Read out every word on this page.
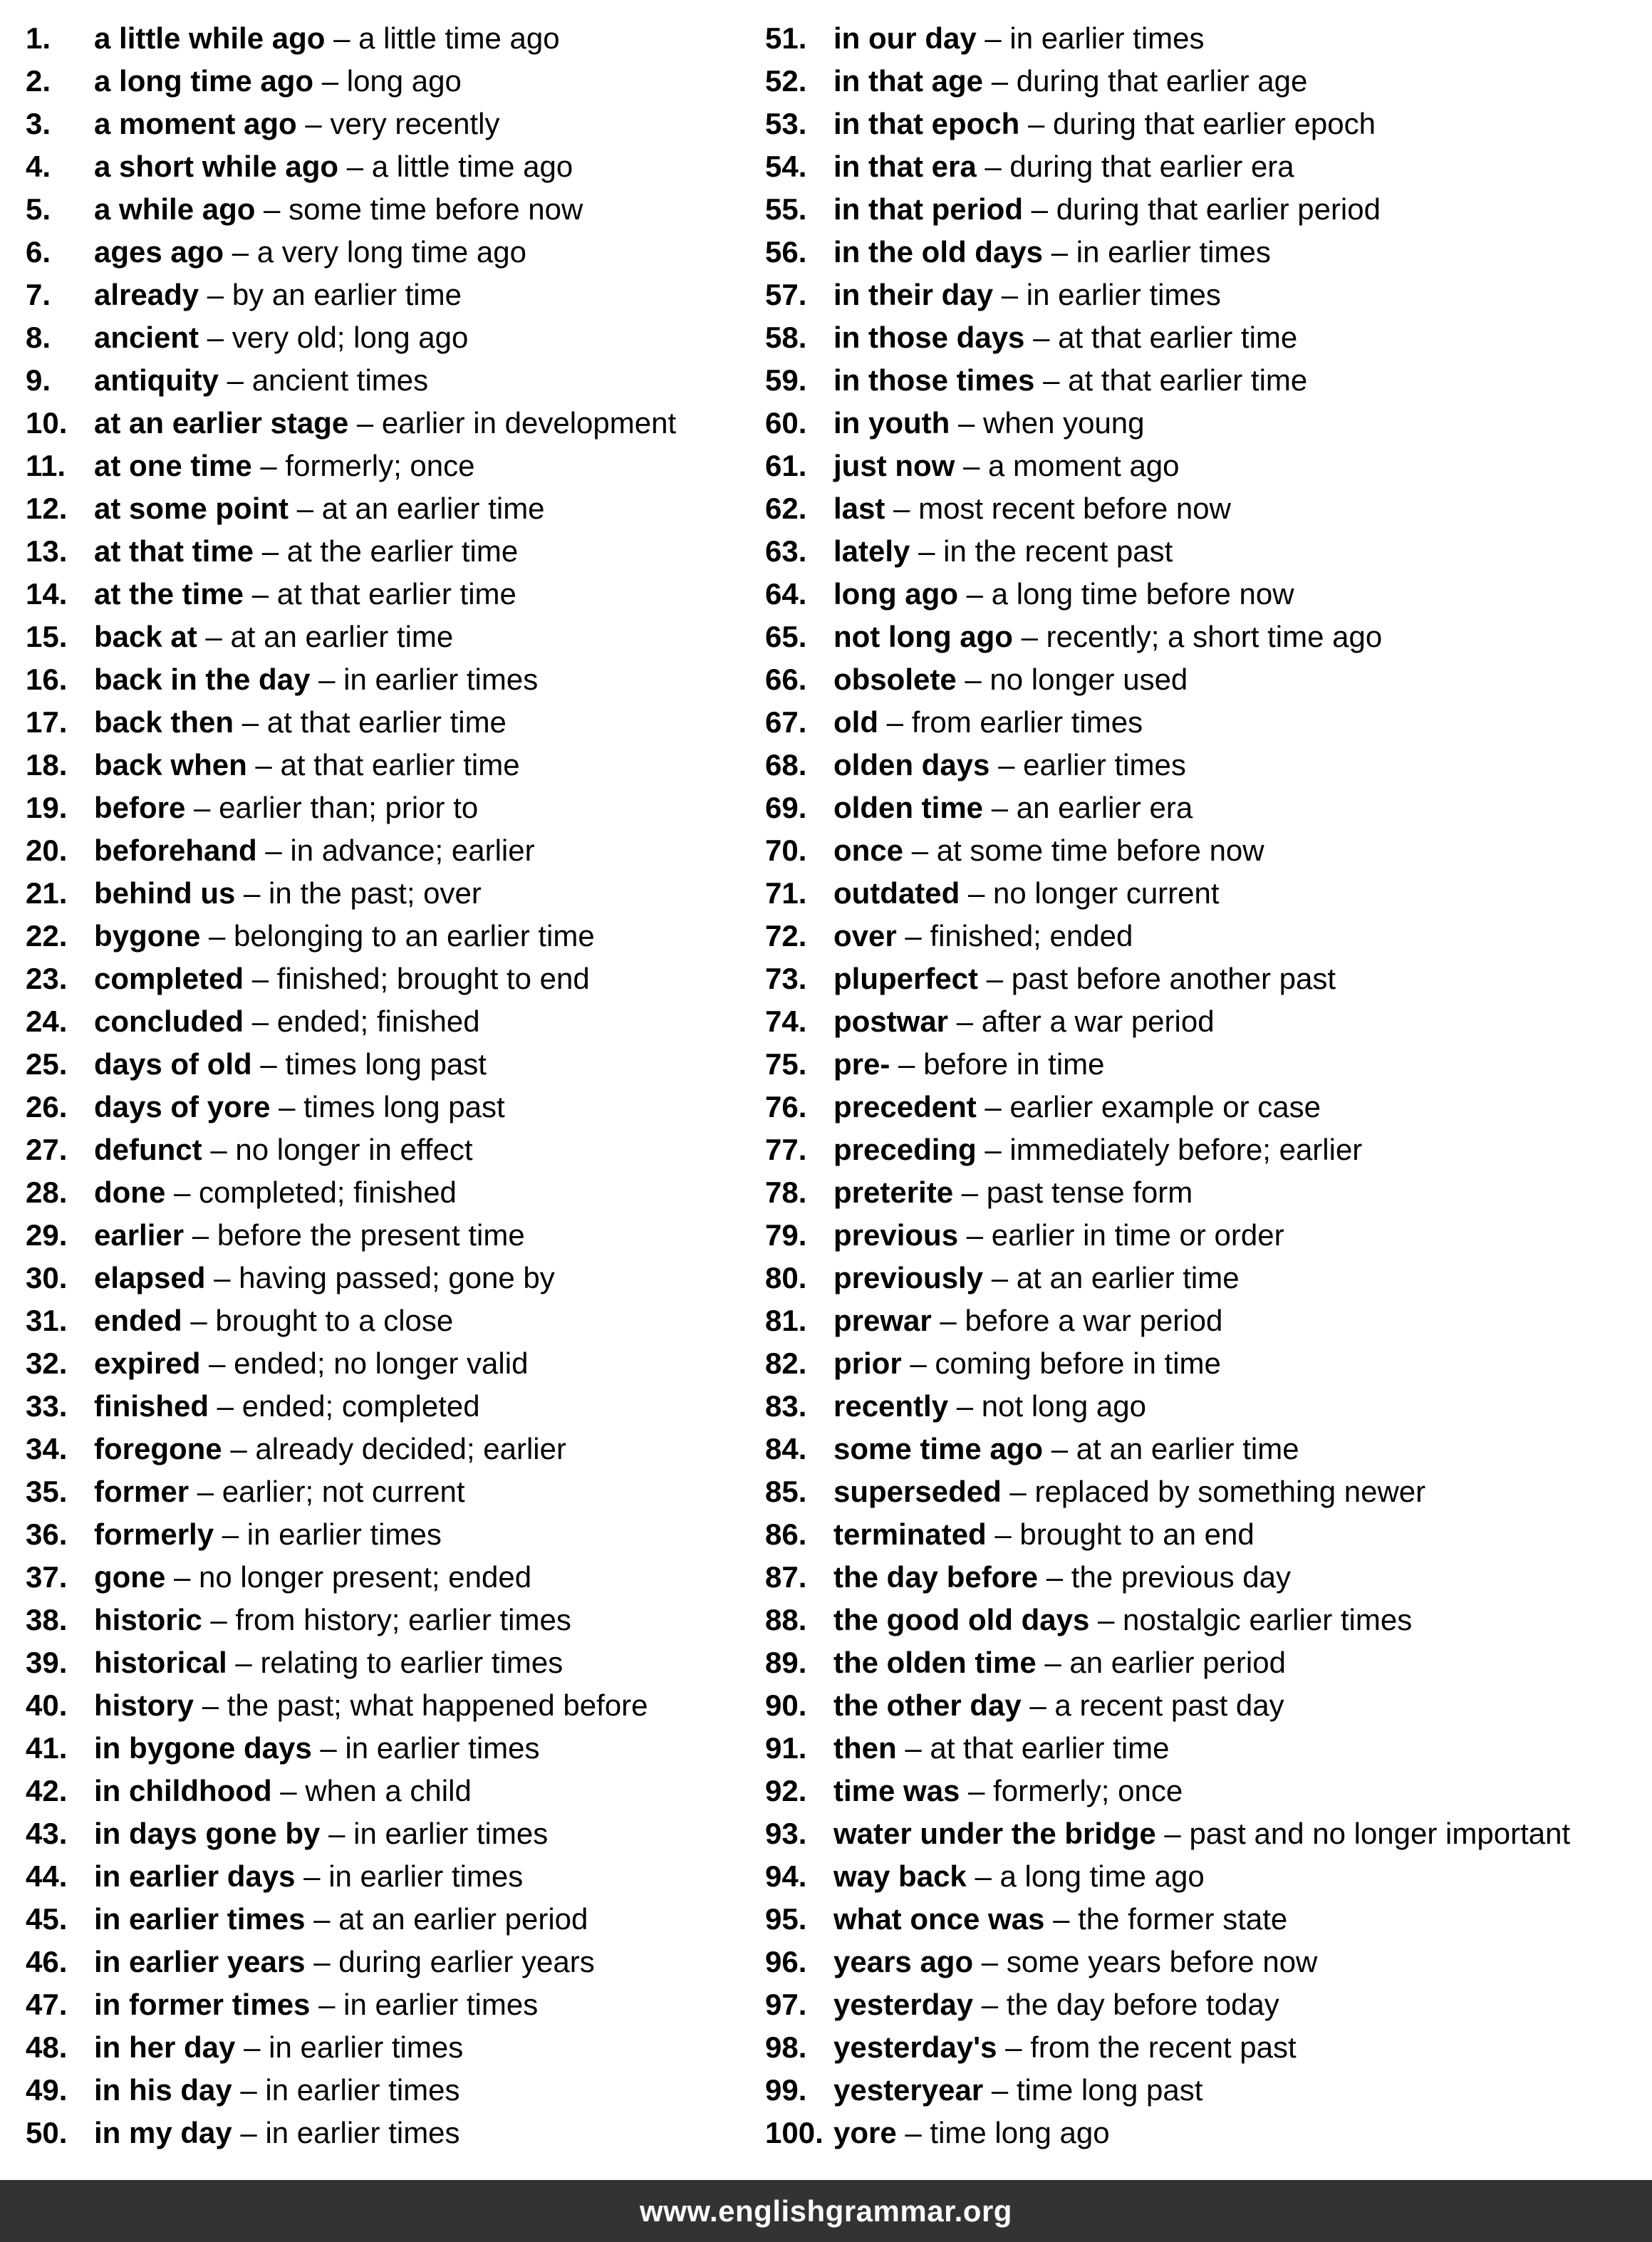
1. a little while ago – a little time ago
2. a long time ago – long ago
3. a moment ago – very recently
4. a short while ago – a little time ago
5. a while ago – some time before now
6. ages ago – a very long time ago
7. already – by an earlier time
8. ancient – very old; long ago
9. antiquity – ancient times
10. at an earlier stage – earlier in development
11. at one time – formerly; once
12. at some point – at an earlier time
13. at that time – at the earlier time
14. at the time – at that earlier time
15. back at – at an earlier time
16. back in the day – in earlier times
17. back then – at that earlier time
18. back when – at that earlier time
19. before – earlier than; prior to
20. beforehand – in advance; earlier
21. behind us – in the past; over
22. bygone – belonging to an earlier time
23. completed – finished; brought to end
24. concluded – ended; finished
25. days of old – times long past
26. days of yore – times long past
27. defunct – no longer in effect
28. done – completed; finished
29. earlier – before the present time
30. elapsed – having passed; gone by
31. ended – brought to a close
32. expired – ended; no longer valid
33. finished – ended; completed
34. foregone – already decided; earlier
35. former – earlier; not current
36. formerly – in earlier times
37. gone – no longer present; ended
38. historic – from history; earlier times
39. historical – relating to earlier times
40. history – the past; what happened before
41. in bygone days – in earlier times
42. in childhood – when a child
43. in days gone by – in earlier times
44. in earlier days – in earlier times
45. in earlier times – at an earlier period
46. in earlier years – during earlier years
47. in former times – in earlier times
48. in her day – in earlier times
49. in his day – in earlier times
50. in my day – in earlier times
51. in our day – in earlier times
52. in that age – during that earlier age
53. in that epoch – during that earlier epoch
54. in that era – during that earlier era
55. in that period – during that earlier period
56. in the old days – in earlier times
57. in their day – in earlier times
58. in those days – at that earlier time
59. in those times – at that earlier time
60. in youth – when young
61. just now – a moment ago
62. last – most recent before now
63. lately – in the recent past
64. long ago – a long time before now
65. not long ago – recently; a short time ago
66. obsolete – no longer used
67. old – from earlier times
68. olden days – earlier times
69. olden time – an earlier era
70. once – at some time before now
71. outdated – no longer current
72. over – finished; ended
73. pluperfect – past before another past
74. postwar – after a war period
75. pre- – before in time
76. precedent – earlier example or case
77. preceding – immediately before; earlier
78. preterite – past tense form
79. previous – earlier in time or order
80. previously – at an earlier time
81. prewar – before a war period
82. prior – coming before in time
83. recently – not long ago
84. some time ago – at an earlier time
85. superseded – replaced by something newer
86. terminated – brought to an end
87. the day before – the previous day
88. the good old days – nostalgic earlier times
89. the olden time – an earlier period
90. the other day – a recent past day
91. then – at that earlier time
92. time was – formerly; once
93. water under the bridge – past and no longer important
94. way back – a long time ago
95. what once was – the former state
96. years ago – some years before now
97. yesterday – the day before today
98. yesterday's – from the recent past
99. yesteryear – time long past
100. yore – time long ago
www.englishgrammar.org
